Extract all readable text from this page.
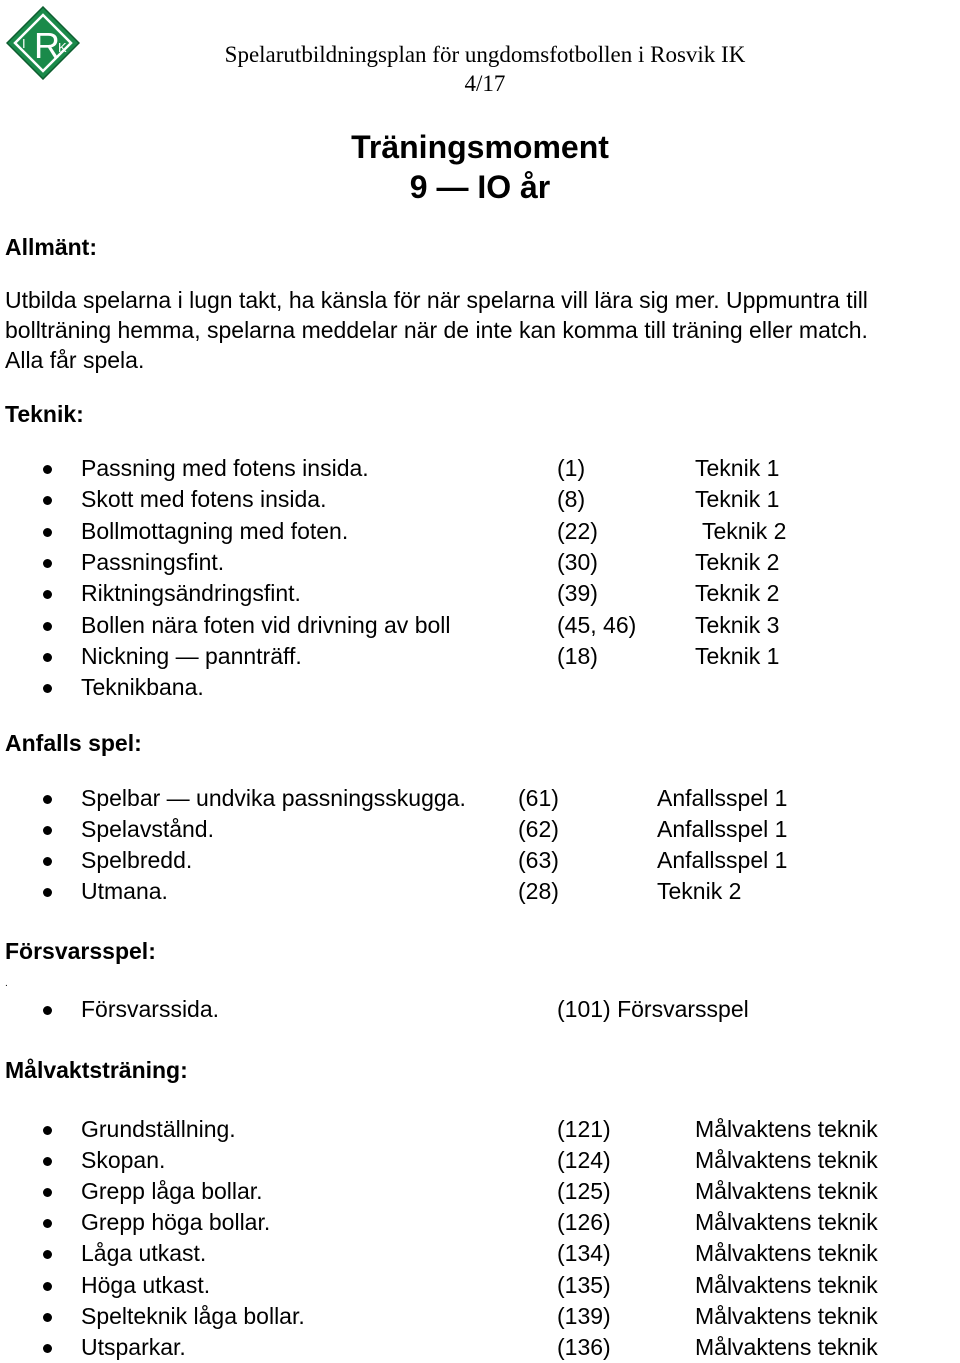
I R
K	Spelarutbildningsplan för ungdomsfotbollen i Rosvik IK
4/17
Träningsmoment
9 — IO år
Allmänt:
Utbilda spelarna i lugn takt, ha känsla för när spelarna vill lära sig mer. Uppmuntra till
bollträning hemma, spelarna meddelar när de inte kan komma till träning eller match.
Alla får spela.
Teknik:
Passning med fotens insida.	(1)	Teknik 1
Skott med fotens insida.	(8)	Teknik 1
Bollmottagning med foten.	(22)	Teknik 2
Passningsfint.	(30)	Teknik 2
Riktningsändringsfint.	(39)	Teknik 2
Bollen nära foten vid drivning av boll	(45, 46)	Teknik 3
Nickning — pannträff.	(18)	Teknik 1
Teknikbana.
Anfalls spel:
Spelbar — undvika passningsskugga. (61)	Anfallsspel 1
Spelavstånd.	(62)	Anfallsspel 1
Spelbredd.	(63)	Anfallsspel 1
Utmana.	(28)	Teknik 2
Försvarsspel:
.
Försvarssida.	(101) Försvarsspel
Målvaktsträning:
Grundställning.	(121)	Målvaktens teknik
Skopan.	(124)	Målvaktens teknik
Grepp låga bollar.	(125)	Målvaktens teknik
Grepp höga bollar.	(126)	Målvaktens teknik
Låga utkast.	(134)	Målvaktens teknik
Höga utkast.	(135)	Målvaktens teknik
Spelteknik låga bollar.	(139)	Målvaktens teknik
Utsparkar.	(136)	Målvaktens teknik
